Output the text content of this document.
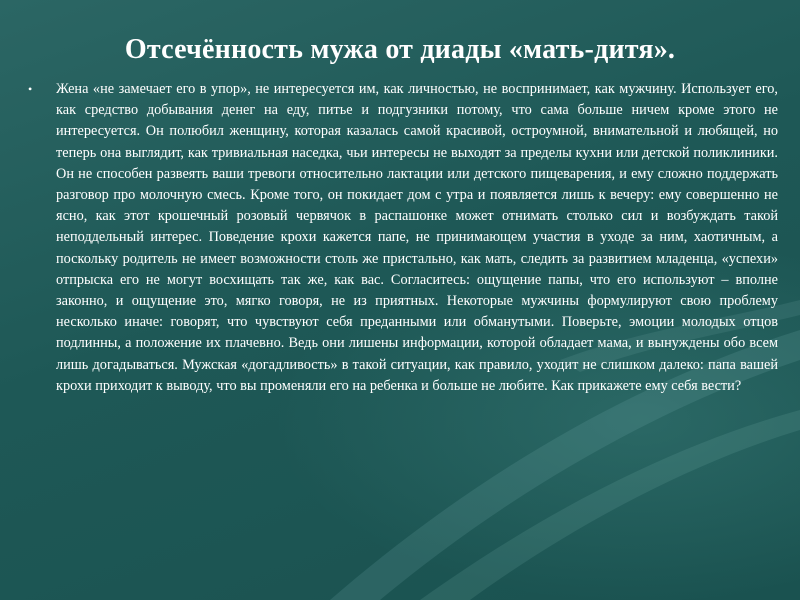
Отсечённость мужа от диады «мать-дитя».
• Жена «не замечает его в упор», не интересуется им, как личностью, не воспринимает, как мужчину. Использует его, как средство добывания денег на еду, питье и подгузники потому, что сама больше ничем кроме этого не интересуется. Он полюбил женщину, которая казалась самой красивой, остроумной, внимательной и любящей, но теперь она выглядит, как тривиальная наседка, чьи интересы не выходят за пределы кухни или детской поликлиники. Он не способен развеять ваши тревоги относительно лактации или детского пищеварения, и ему сложно поддержать разговор про молочную смесь. Кроме того, он покидает дом с утра и появляется лишь к вечеру: ему совершенно не ясно, как этот крошечный розовый червячок в распашонке может отнимать столько сил и возбуждать такой неподдельный интерес. Поведение крохи кажется папе, не принимающем участия в уходе за ним, хаотичным, а поскольку родитель не имеет возможности столь же пристально, как мать, следить за развитием младенца, «успехи» отпрыска его не могут восхищать так же, как вас. Согласитесь: ощущение папы, что его используют – вполне законно, и ощущение это, мягко говоря, не из приятных. Некоторые мужчины формулируют свою проблему несколько иначе: говорят, что чувствуют себя преданными или обманутыми. Поверьте, эмоции молодых отцов подлинны, а положение их плачевно. Ведь они лишены информации, которой обладает мама, и вынуждены обо всем лишь догадываться. Мужская «догадливость» в такой ситуации, как правило, уходит не слишком далеко: папа вашей крохи приходит к выводу, что вы променяли его на ребенка и больше не любите. Как прикажете ему себя вести?
